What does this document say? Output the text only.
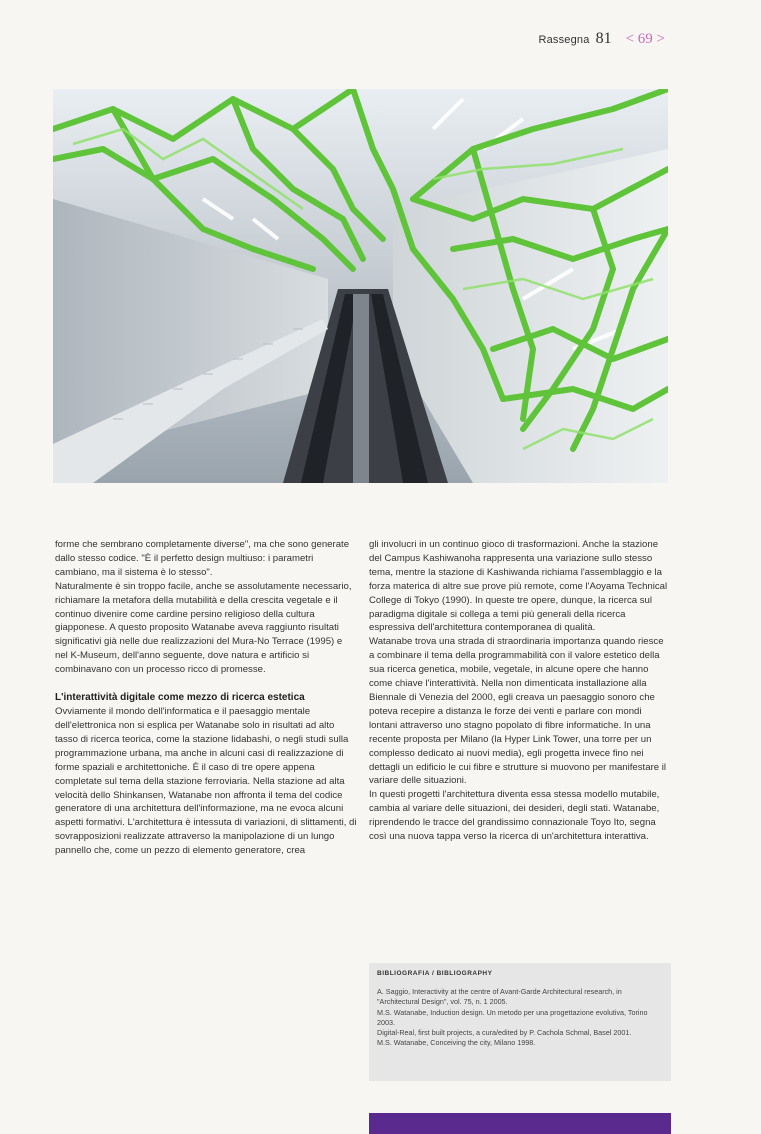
Rassegna 81 < 69 >

forme che sembrano completamente diverse", ma che sono generate dallo stesso codice. "È il perfetto design multiuso: i parametri cambiano, ma il sistema è lo stesso".

Naturalmente è sin troppo facile, anche se assolutamente necessario, richiamare la metafora della mutabilità e della crescita vegetale e il continuo divenire come cardine persino religioso della cultura giapponese. A questo proposito Watanabe aveva raggiunto risultati significativi già nelle due realizzazioni del Mura-No Terrace (1995) e nel K-Museum, dell'anno seguente, dove natura e artificio si combinavano con un processo ricco di promesse.

L'interattività digitale come mezzo di ricerca estetica

Ovviamente il mondo dell'informatica e il paesaggio mentale dell'elettronica non si esplica per Watanabe solo in risultati ad alto tasso di ricerca teorica, come la stazione Iidabashi, o negli studi sulla programmazione urbana, ma anche in alcuni casi di realizzazione di forme spaziali e architettoniche. È il caso di tre opere appena completate sul tema della stazione ferroviaria. Nella stazione ad alta velocità dello Shinkansen, Watanabe non affronta il tema del codice generatore di una architettura dell'informazione, ma ne evoca alcuni aspetti formativi. L'architettura è intessuta di variazioni, di slittamenti, di sovrapposizioni realizzate attraverso la manipolazione di un lungo pannello che, come un pezzo di elemento generatore, crea

gli involucri in un continuo gioco di trasformazioni. Anche la stazione del Campus Kashiwanoha rappresenta una variazione sullo stesso tema, mentre la stazione di Kashiwanda richiama l'assemblaggio e la forza materica di altre sue prove più remote, come l'Aoyama Technical College di Tokyo (1990). In queste tre opere, dunque, la ricerca sul paradigma digitale si collega a temi più generali della ricerca espressiva dell'architettura contemporanea di qualità.

Watanabe trova una strada di straordinaria importanza quando riesce a combinare il tema della programmabilità con il valore estetico della sua ricerca genetica, mobile, vegetale, in alcune opere che hanno come chiave l'interattività. Nella non dimenticata installazione alla Biennale di Venezia del 2000, egli creava un paesaggio sonoro che poteva recepire a distanza le forze dei venti e parlare con mondi lontani attraverso uno stagno popolato di fibre informatiche. In una recente proposta per Milano (la Hyper Link Tower, una torre per un complesso dedicato ai nuovi media), egli progetta invece fino nei dettagli un edificio le cui fibre e strutture si muovono per manifestare il variare delle situazioni.

In questi progetti l'architettura diventa essa stessa modello mutabile, cambia al variare delle situazioni, dei desideri, degli stati. Watanabe, riprendendo le tracce del grandissimo connazionale Toyo Ito, segna così una nuova tappa verso la ricerca di un'architettura interattiva.

BIBLIOGRAFIA / BIBLIOGRAPHY
A. Saggio, Interactivity at the centre of Avant-Garde Architectural research, in "Architectural Design", vol. 75, n. 1 2005.
M.S. Watanabe, Induction design. Un metodo per una progettazione evolutiva, Torino 2003.
Digital-Real, first built projects, a cura/edited by P. Cachola Schmal, Basel 2001.
M.S. Watanabe, Conceiving the city, Milano 1998.
